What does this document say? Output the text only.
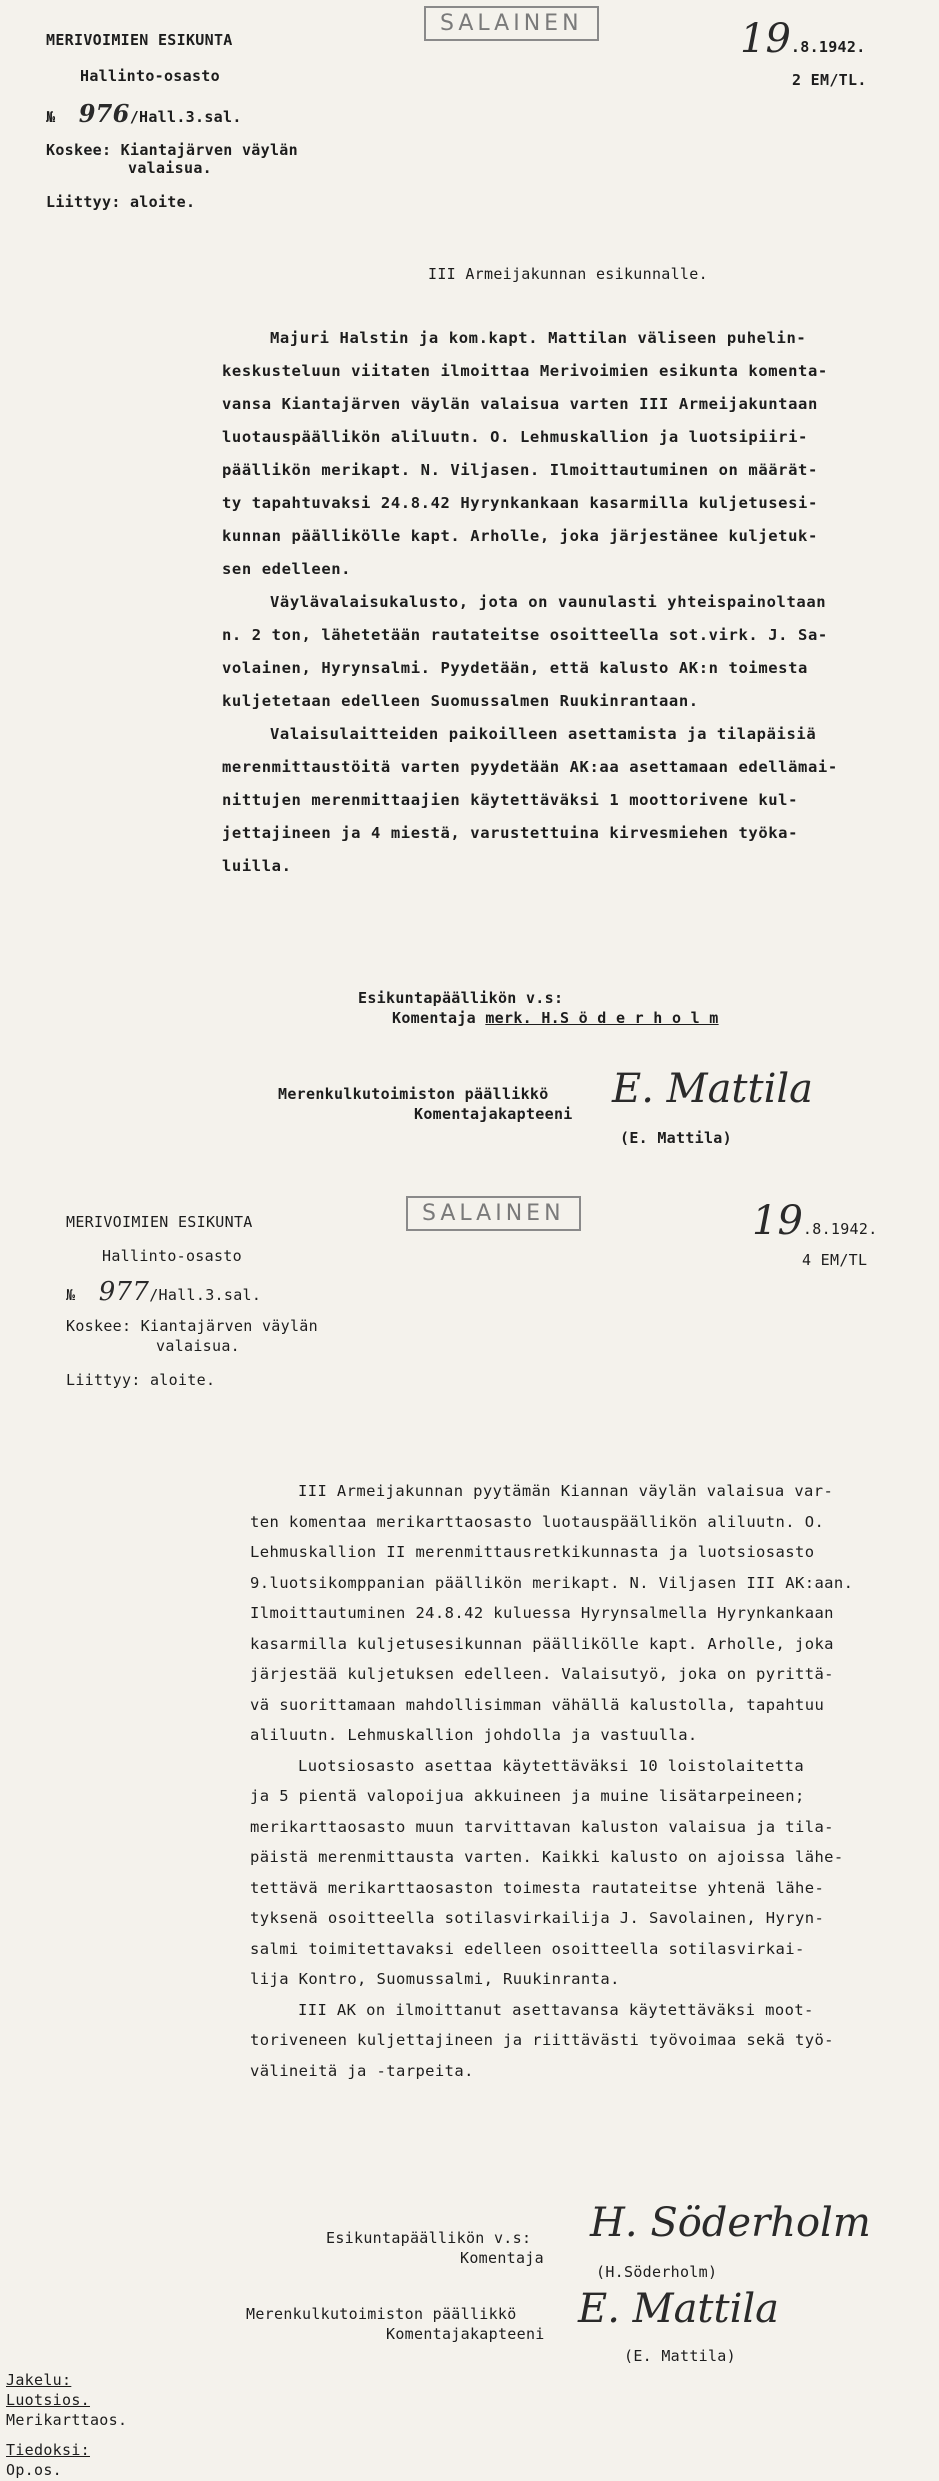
MERIVOIMIEN ESIKUNTA
Hallinto-osasto
№ 976/Hall.3.sal.
SALAINEN	19.8.1942.
2 EM/TL.
Koskee: Kiantajärven väylän
valaisua.
Liittyy: aloite.
III Armeijakunnan esikunnalle.
Majuri Halstin ja kom.kapt. Mattilan väliseen puhelin-
keskusteluun viitaten ilmoittaa Merivoimien esikunta komenta-
vansa Kiantajärven väylän valaisua varten III Armeijakuntaan
luotauspäällikön aliluutn. O. Lehmuskallion ja luotsipiiri-
päällikön merikapt. N. Viljasen. Ilmoittautuminen on määrät-
ty tapahtuvaksi 24.8.42 Hyrynkankaan kasarmilla kuljetusesi-
kunnan päällikölle kapt. Arholle, joka järjestänee kuljetuk-
sen edelleen.
Väylävalaisukalusto, jota on vaunulasti yhteispainoltaan
n. 2 ton, lähetetään rautateitse osoitteella sot.virk. J. Sa-
volainen, Hyrynsalmi. Pyydetään, että kalusto AK:n toimesta
kuljetetaan edelleen Suomussalmen Ruukinrantaan.
Valaisulaitteiden paikoilleen asettamista ja tilapäisiä
merenmittaustöitä varten pyydetään AK:aa asettamaan edellämai-
nittujen merenmittaajien käytettäväksi 1 moottorivene kul-
jettajineen ja 4 miestä, varustettuina kirvesmiehen työka-
luilla.
Esikuntapäällikön v.s:
Komentaja merk. H.S ö d e r h o l m
Merenkulkutoimiston päällikkö
Komentajakapteeni
E. Mattila
(E. Mattila)
MERIVOIMIEN ESIKUNTA
Hallinto-osasto
№ 977/Hall.3.sal.
SALAINEN	19.8.1942.
4 EM/TL
Koskee: Kiantajärven väylän
valaisua.
Liittyy: aloite.
III Armeijakunnan pyytämän Kiannan väylän valaisua var-
ten komentaa merikarttaosasto luotauspäällikön aliluutn. O.
Lehmuskallion II merenmittausretkikunnasta ja luotsiosasto
9.luotsikomppanian päällikön merikapt. N. Viljasen III AK:aan.
Ilmoittautuminen 24.8.42 kuluessa Hyrynsalmella Hyrynkankaan
kasarmilla kuljetusesikunnan päällikölle kapt. Arholle, joka
järjestää kuljetuksen edelleen. Valaisutyö, joka on pyrittä-
vä suorittamaan mahdollisimman vähällä kalustolla, tapahtuu
aliluutn. Lehmuskallion johdolla ja vastuulla.
Luotsiosasto asettaa käytettäväksi 10 loistolaitetta
ja 5 pientä valopoijua akkuineen ja muine lisätarpeineen;
merikarttaosasto muun tarvittavan kaluston valaisua ja tila-
päistä merenmittausta varten. Kaikki kalusto on ajoissa lähe-
tettävä merikarttaosaston toimesta rautateitse yhtenä lähe-
tyksenä osoitteella sotilasvirkailija J. Savolainen, Hyryn-
salmi toimitettavaksi edelleen osoitteella sotilasvirkai-
lija Kontro, Suomussalmi, Ruukinranta.
III AK on ilmoittanut asettavansa käytettäväksi moot-
toriveneen kuljettajineen ja riittävästi työvoimaa sekä työ-
välineitä ja -tarpeita.
Esikuntapäällikön v.s:
Komentaja
H. Söderholm
(H.Söderholm)
Merenkulkutoimiston päällikkö
Komentajakapteeni
E. Mattila
(E. Mattila)
Jakelu:
Luotsios.
Merikarttaos.
Tiedoksi:
Op.os.
